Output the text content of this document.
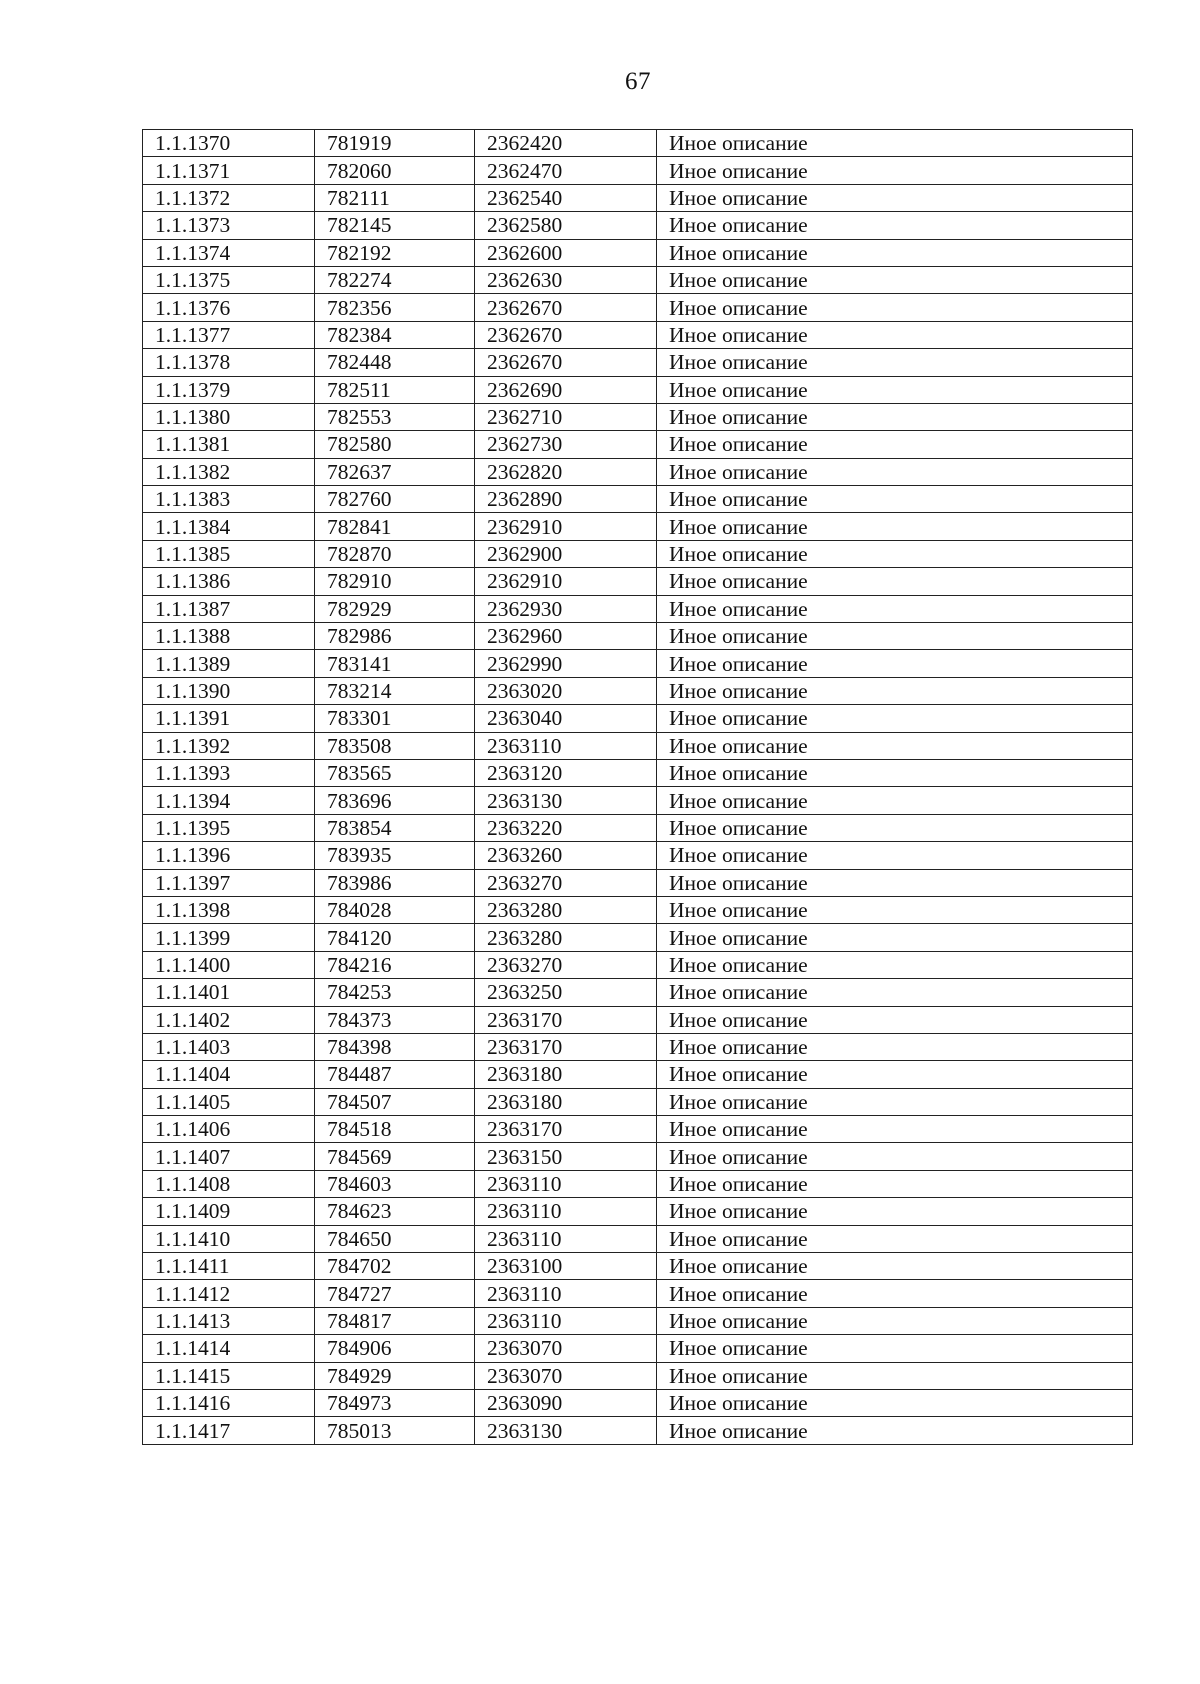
67
1.1.1370	781919	2362420	Иное описание
1.1.1371	782060	2362470	Иное описание
1.1.1372	782111	2362540	Иное описание
1.1.1373	782145	2362580	Иное описание
1.1.1374	782192	2362600	Иное описание
1.1.1375	782274	2362630	Иное описание
1.1.1376	782356	2362670	Иное описание
1.1.1377	782384	2362670	Иное описание
1.1.1378	782448	2362670	Иное описание
1.1.1379	782511	2362690	Иное описание
1.1.1380	782553	2362710	Иное описание
1.1.1381	782580	2362730	Иное описание
1.1.1382	782637	2362820	Иное описание
1.1.1383	782760	2362890	Иное описание
1.1.1384	782841	2362910	Иное описание
1.1.1385	782870	2362900	Иное описание
1.1.1386	782910	2362910	Иное описание
1.1.1387	782929	2362930	Иное описание
1.1.1388	782986	2362960	Иное описание
1.1.1389	783141	2362990	Иное описание
1.1.1390	783214	2363020	Иное описание
1.1.1391	783301	2363040	Иное описание
1.1.1392	783508	2363110	Иное описание
1.1.1393	783565	2363120	Иное описание
1.1.1394	783696	2363130	Иное описание
1.1.1395	783854	2363220	Иное описание
1.1.1396	783935	2363260	Иное описание
1.1.1397	783986	2363270	Иное описание
1.1.1398	784028	2363280	Иное описание
1.1.1399	784120	2363280	Иное описание
1.1.1400	784216	2363270	Иное описание
1.1.1401	784253	2363250	Иное описание
1.1.1402	784373	2363170	Иное описание
1.1.1403	784398	2363170	Иное описание
1.1.1404	784487	2363180	Иное описание
1.1.1405	784507	2363180	Иное описание
1.1.1406	784518	2363170	Иное описание
1.1.1407	784569	2363150	Иное описание
1.1.1408	784603	2363110	Иное описание
1.1.1409	784623	2363110	Иное описание
1.1.1410	784650	2363110	Иное описание
1.1.1411	784702	2363100	Иное описание
1.1.1412	784727	2363110	Иное описание
1.1.1413	784817	2363110	Иное описание
1.1.1414	784906	2363070	Иное описание
1.1.1415	784929	2363070	Иное описание
1.1.1416	784973	2363090	Иное описание
1.1.1417	785013	2363130	Иное описание
